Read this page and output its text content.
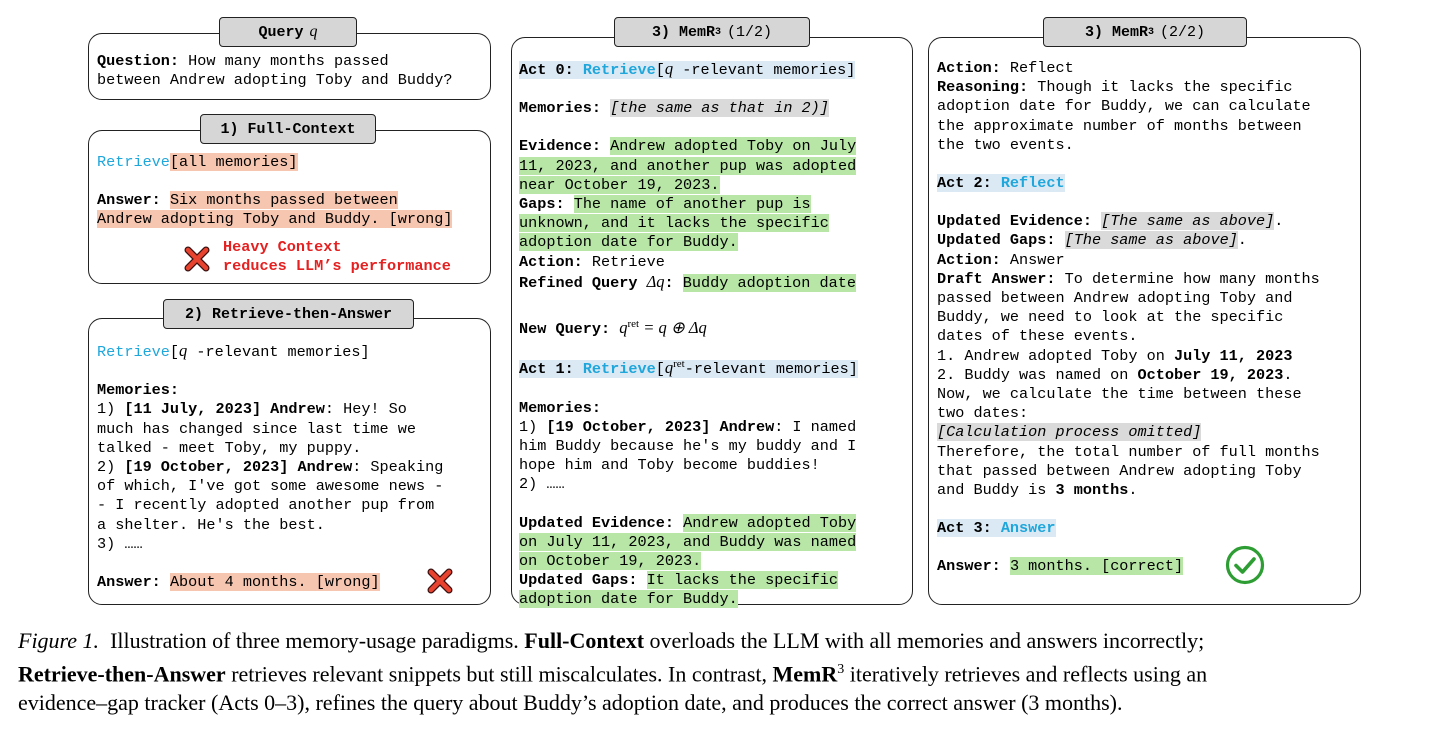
Query q

Question: How many months passed

between Andrew adopting Toby and Buddy?

1) Full-Context

Retrieve[all memories]

Answer: Six months passed between

Andrew adopting Toby and Buddy. [wrong]

Heavy Context

reduces LLM’s performance

2) Retrieve-then-Answer

Retrieve[q -relevant memories]

Memories:

1) [11 July, 2023] Andrew: Hey! So

much has changed since last time we

talked - meet Toby, my puppy.

2) [19 October, 2023] Andrew: Speaking

of which, I've got some awesome news -

- I recently adopted another pup from

a shelter. He's the best.

3) ……

Answer: About 4 months. [wrong]

3) MemR 3 (1/2)

Act 0: Retrieve[q -relevant memories]

Memories: [the same as that in 2)]

Evidence: Andrew adopted Toby on July

11, 2023, and another pup was adopted

near October 19, 2023.

Gaps: The name of another pup is

unknown, and it lacks the specific

adoption date for Buddy.

Action: Retrieve

Refined Query Δq: Buddy adoption date

New Query: $q^{ret} = q$ ⊕ Δq

Act 1: $Retrieve[q^{ret}$-relevant memories]

Memories:

1) [19 October, 2023] Andrew: I named

him Buddy because he's my buddy and I

hope him and Toby become buddies!

2) ……

Updated Evidence: Andrew adopted Toby

on July 11, 2023, and Buddy was named

on October 19, 2023.

Updated Gaps: It lacks the specific

adoption date for Buddy.

3) MemR 3 (2/2)

Action: Reflect

Reasoning: Though it lacks the specific

adoption date for Buddy, we can calculate

the approximate number of months between

the two events.

Act 2: Reflect

Updated Evidence: [The same as above].

Updated Gaps: [The same as above].

Action: Answer

Draft Answer: To determine how many months

passed between Andrew adopting Toby and

Buddy, we need to look at the specific

dates of these events.

1. Andrew adopted Toby on July 11, 2023

2. Buddy was named on October 19, 2023.

Now, we calculate the time between these

two dates:

[Calculation process omitted]

Therefore, the total number of full months

that passed between Andrew adopting Toby

and Buddy is 3 months.

Act 3: Answer

Answer: 3 months. [correct]

Figure 1.  Illustration of three memory-usage paradigms. Full-Context overloads the LLM with all memories and answers incorrectly;

Retrieve-then-Answer retrieves relevant snippets but still miscalculates. In contrast, MemR$^3$ iteratively retrieves and reflects using an

evidence–gap tracker (Acts 0–3), refines the query about Buddy’s adoption date, and produces the correct answer (3 months).
